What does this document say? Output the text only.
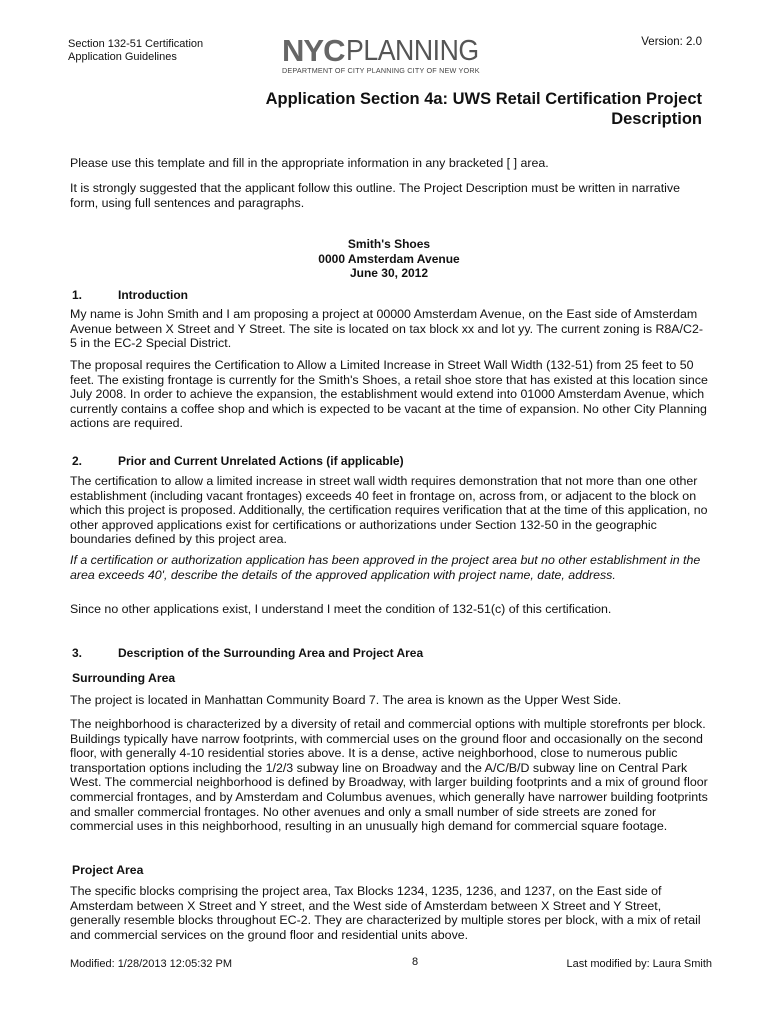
Section 132-51 Certification
Application Guidelines	NYC PLANNING
DEPARTMENT OF CITY PLANNING CITY OF NEW YORK
Version: 2.0
Application Section 4a: UWS Retail Certification Project
Description
Please use this template and fill in the appropriate information in any bracketed [ ] area.
It is strongly suggested that the applicant follow this outline. The Project Description must be written in narrative form, using full sentences and paragraphs.
Smith's Shoes
0000 Amsterdam Avenue
June 30, 2012
1.	Introduction
My name is John Smith and I am proposing a project at 00000 Amsterdam Avenue, on the East side of Amsterdam Avenue between X Street and Y Street. The site is located on tax block xx and lot yy. The current zoning is R8A/C2-5 in the EC-2 Special District.
The proposal requires the Certification to Allow a Limited Increase in Street Wall Width (132-51) from 25 feet to 50 feet. The existing frontage is currently for the Smith's Shoes, a retail shoe store that has existed at this location since July 2008. In order to achieve the expansion, the establishment would extend into 01000 Amsterdam Avenue, which currently contains a coffee shop and which is expected to be vacant at the time of expansion. No other City Planning actions are required.
2.	Prior and Current Unrelated Actions (if applicable)
The certification to allow a limited increase in street wall width requires demonstration that not more than one other establishment (including vacant frontages) exceeds 40 feet in frontage on, across from, or adjacent to the block on which this project is proposed. Additionally, the certification requires verification that at the time of this application, no other approved applications exist for certifications or authorizations under Section 132-50 in the geographic boundaries defined by this project area.
If a certification or authorization application has been approved in the project area but no other establishment in the area exceeds 40', describe the details of the approved application with project name, date, address.
Since no other applications exist, I understand I meet the condition of 132-51(c) of this certification.
3.	Description of the Surrounding Area and Project Area
Surrounding Area
The project is located in Manhattan Community Board 7. The area is known as the Upper West Side.
The neighborhood is characterized by a diversity of retail and commercial options with multiple storefronts per block. Buildings typically have narrow footprints, with commercial uses on the ground floor and occasionally on the second floor, with generally 4-10 residential stories above. It is a dense, active neighborhood, close to numerous public transportation options including the 1/2/3 subway line on Broadway and the A/C/B/D subway line on Central Park West. The commercial neighborhood is defined by Broadway, with larger building footprints and a mix of ground floor commercial frontages, and by Amsterdam and Columbus avenues, which generally have narrower building footprints and smaller commercial frontages. No other avenues and only a small number of side streets are zoned for commercial uses in this neighborhood, resulting in an unusually high demand for commercial square footage.
Project Area
The specific blocks comprising the project area, Tax Blocks 1234, 1235, 1236, and 1237, on the East side of Amsterdam between X Street and Y street, and the West side of Amsterdam between X Street and Y Street, generally resemble blocks throughout EC-2. They are characterized by multiple stores per block, with a mix of retail and commercial services on the ground floor and residential units above.
Modified: 1/28/2013 12:05:32 PM	8	Last modified by: Laura Smith
